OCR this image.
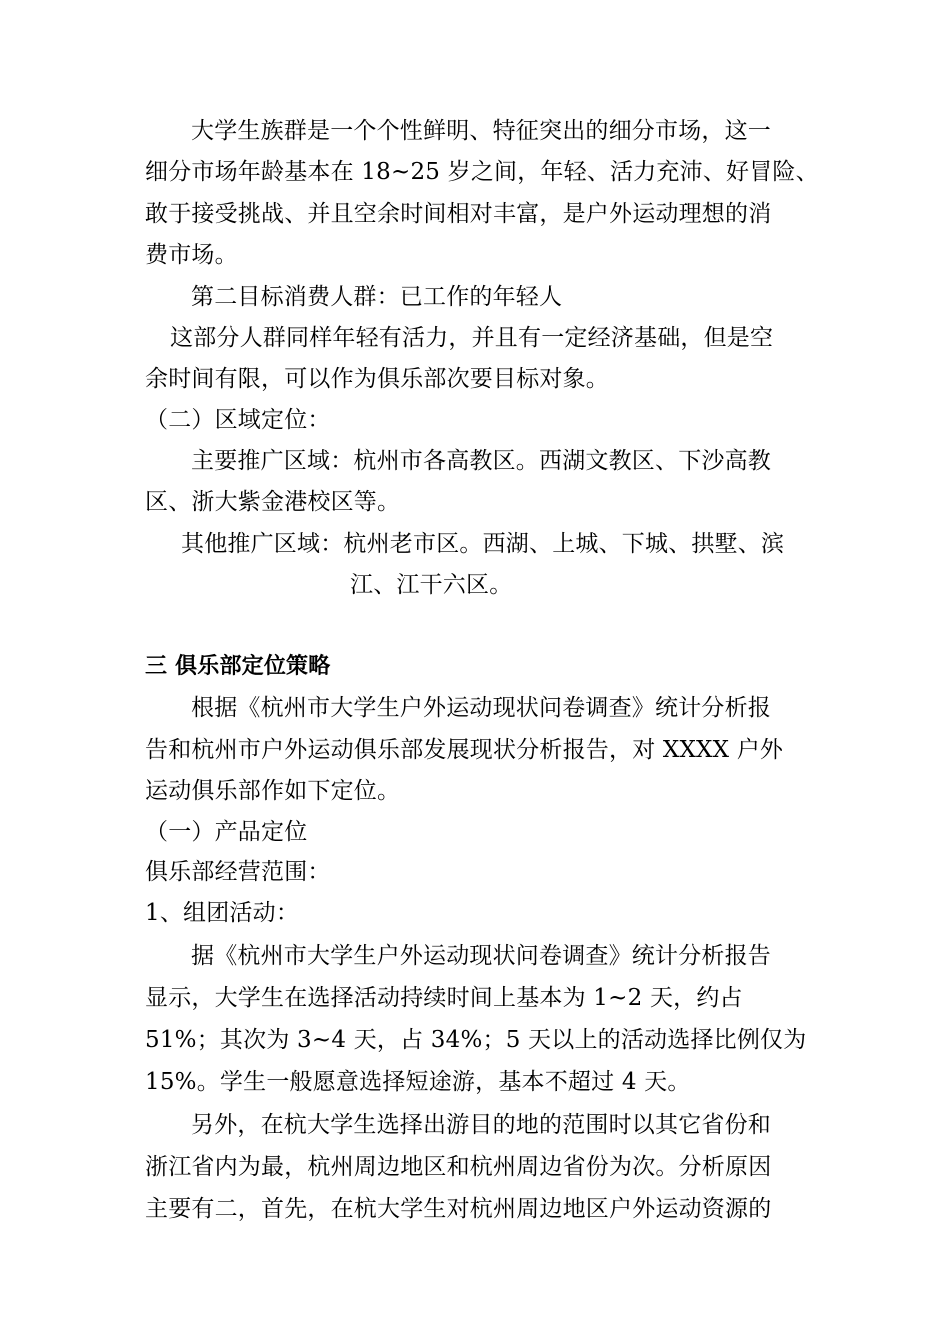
大学生族群是一个个性鲜明、特征突出的细分市场，这一
细分市场年龄基本在 18~25 岁之间，年轻、活力充沛、好冒险、
敢于接受挑战、并且空余时间相对丰富，是户外运动理想的消
费市场。
第二目标消费人群：已工作的年轻人
这部分人群同样年轻有活力，并且有一定经济基础，但是空
余时间有限，可以作为俱乐部次要目标对象。
（二）区域定位：
主要推广区域：杭州市各高教区。西湖文教区、下沙高教
区、浙大紫金港校区等。
其他推广区域：杭州老市区。西湖、上城、下城、拱墅、滨
江、江干六区。
三 俱乐部定位策略
根据《杭州市大学生户外运动现状问卷调查》统计分析报
告和杭州市户外运动俱乐部发展现状分析报告，对 XXXX 户外
运动俱乐部作如下定位。
（一）产品定位
俱乐部经营范围：
1、组团活动：
据《杭州市大学生户外运动现状问卷调查》统计分析报告
显示，大学生在选择活动持续时间上基本为 1~2 天，约占
51%；其次为 3~4 天，占 34%；5 天以上的活动选择比例仅为
15%。学生一般愿意选择短途游，基本不超过 4 天。
另外，在杭大学生选择出游目的地的范围时以其它省份和
浙江省内为最，杭州周边地区和杭州周边省份为次。分析原因
主要有二，首先，在杭大学生对杭州周边地区户外运动资源的
